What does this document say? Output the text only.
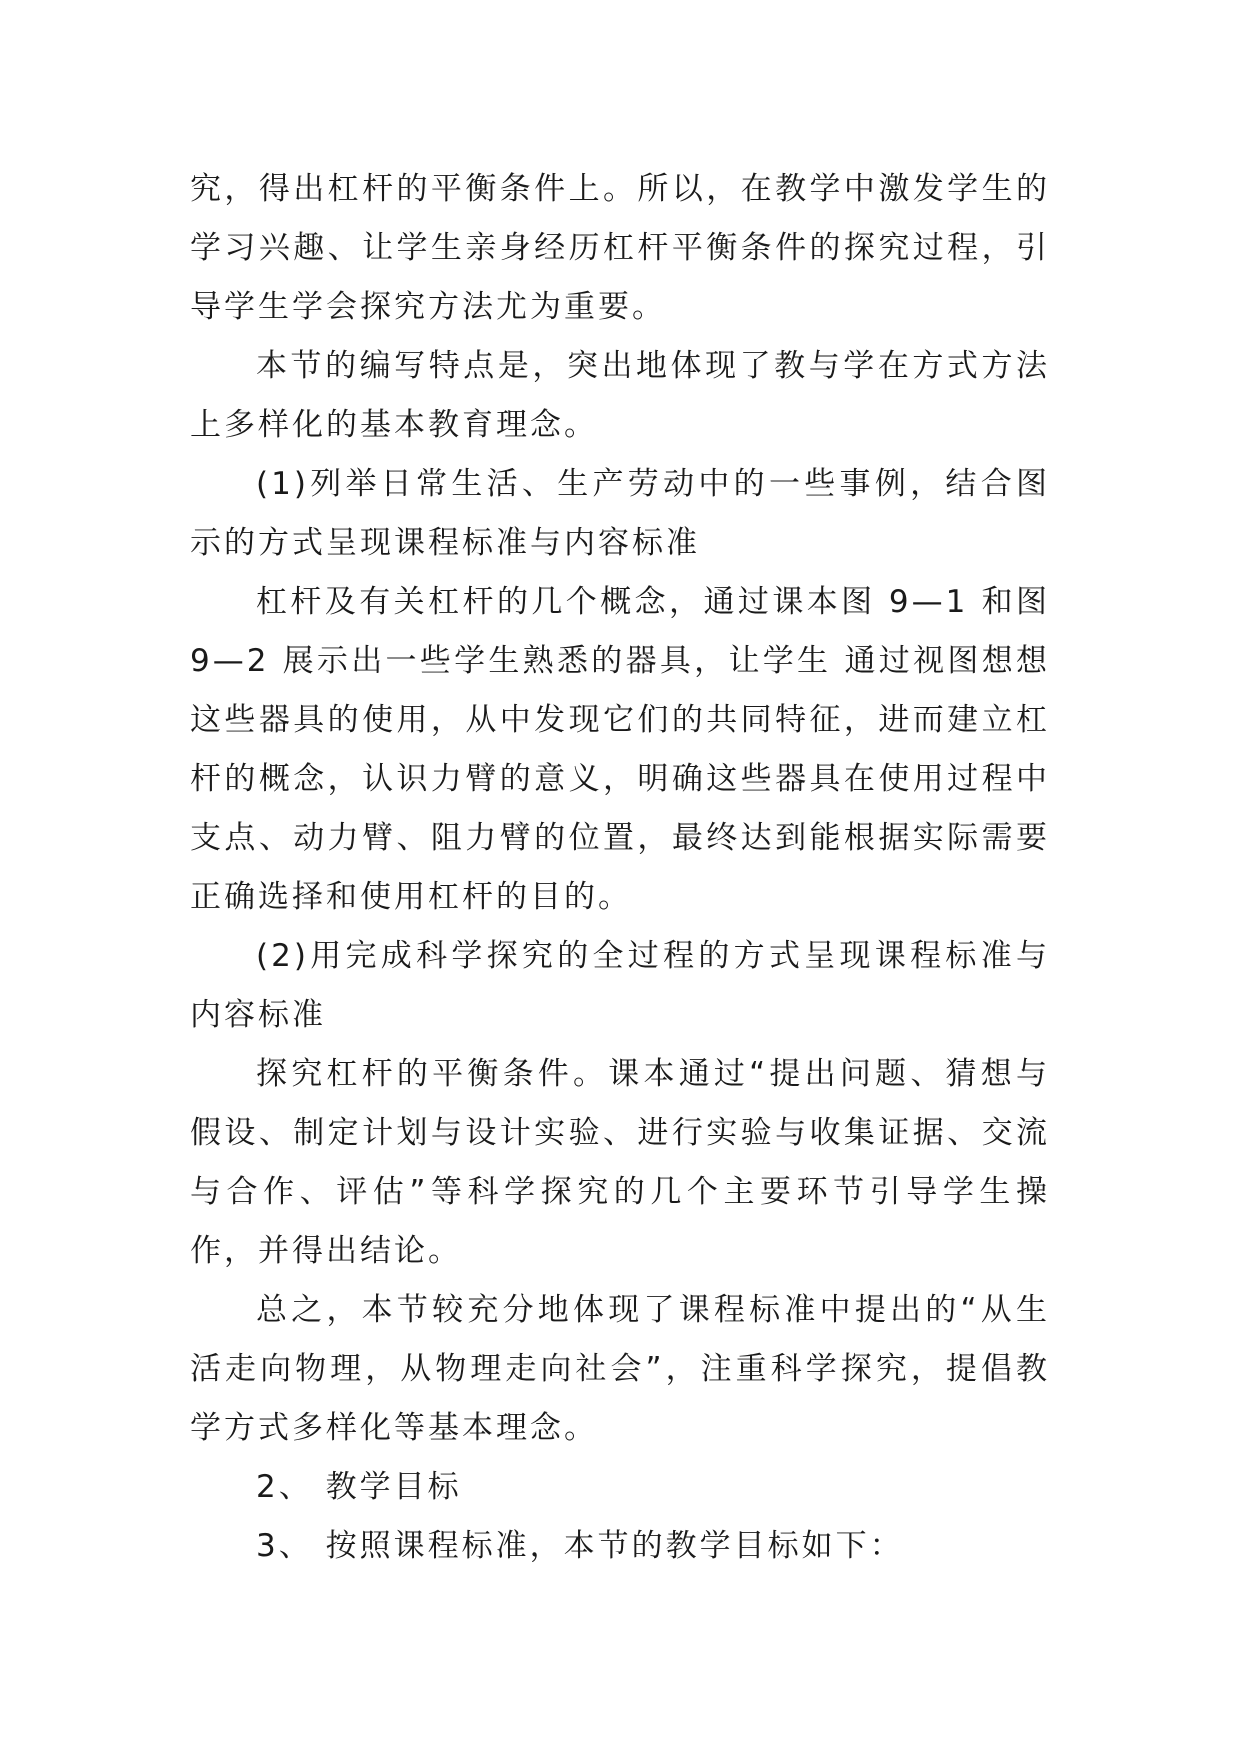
究，得出杠杆的平衡条件上。所以，在教学中激发学生的学习兴趣、让学生亲身经历杠杆平衡条件的探究过程，引导学生学会探究方法尤为重要。

本节的编写特点是，突出地体现了教与学在方式方法上多样化的基本教育理念。

(1)列举日常生活、生产劳动中的一些事例，结合图示的方式呈现课程标准与内容标准

杠杆及有关杠杆的几个概念，通过课本图 9—1 和图 9—2 展示出一些学生熟悉的器具，让学生 通过视图想想这些器具的使用，从中发现它们的共同特征，进而建立杠杆的概念，认识力臂的意义，明确这些器具在使用过程中支点、动力臂、阻力臂的位置，最终达到能根据实际需要正确选择和使用杠杆的目的。

(2)用完成科学探究的全过程的方式呈现课程标准与内容标准

探究杠杆的平衡条件。课本通过“提出问题、猜想与假设、制定计划与设计实验、进行实验与收集证据、交流与合作、评估”等科学探究的几个主要环节引导学生操作，并得出结论。

总之，本节较充分地体现了课程标准中提出的“从生活走向物理，从物理走向社会”，注重科学探究，提倡教学方式多样化等基本理念。

2、 教学目标

3、 按照课程标准，本节的教学目标如下：
